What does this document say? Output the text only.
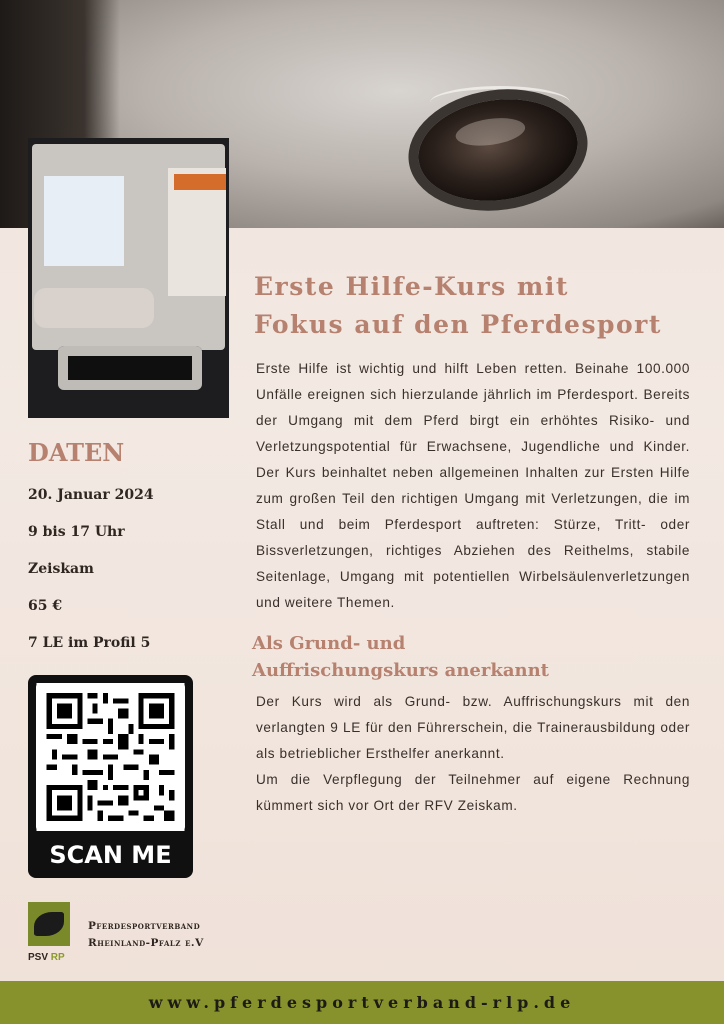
Erste Hilfe-Kurs mit
Fokus auf den Pferdesport

Erste Hilfe ist wichtig und hilft Leben retten. Beinahe 100.000 Unfälle ereignen sich hierzulande jährlich im Pferdesport. Bereits der Umgang mit dem Pferd birgt ein erhöhtes Risiko- und Verletzungspotential für Erwachsene, Jugendliche und Kinder. Der Kurs beinhaltet neben allgemeinen Inhalten zur Ersten Hilfe zum großen Teil den richtigen Umgang mit Verletzungen, die im Stall und beim Pferdesport auftreten: Stürze, Tritt- oder Bissverletzungen, richtiges Abziehen des Reithelms, stabile Seitenlage, Umgang mit potentiellen Wirbelsäulenverletzungen und weitere Themen.

Als Grund- und
Auffrischungskurs anerkannt

Der Kurs wird als Grund- bzw. Auffrischungskurs mit den verlangten 9 LE für den Führerschein, die Trainerausbildung oder als betrieblicher Ersthelfer anerkannt.

Um die Verpflegung der Teilnehmer auf eigene Rechnung kümmert sich vor Ort der RFV Zeiskam.

DATEN
20. Januar 2024
9 bis 17 Uhr
Zeiskam
65 €
7 LE im Profil 5
SCAN ME
PSV RP
Pferdesportverband
Rheinland-Pfalz e.V
www.pferdesportverband-rlp.de
